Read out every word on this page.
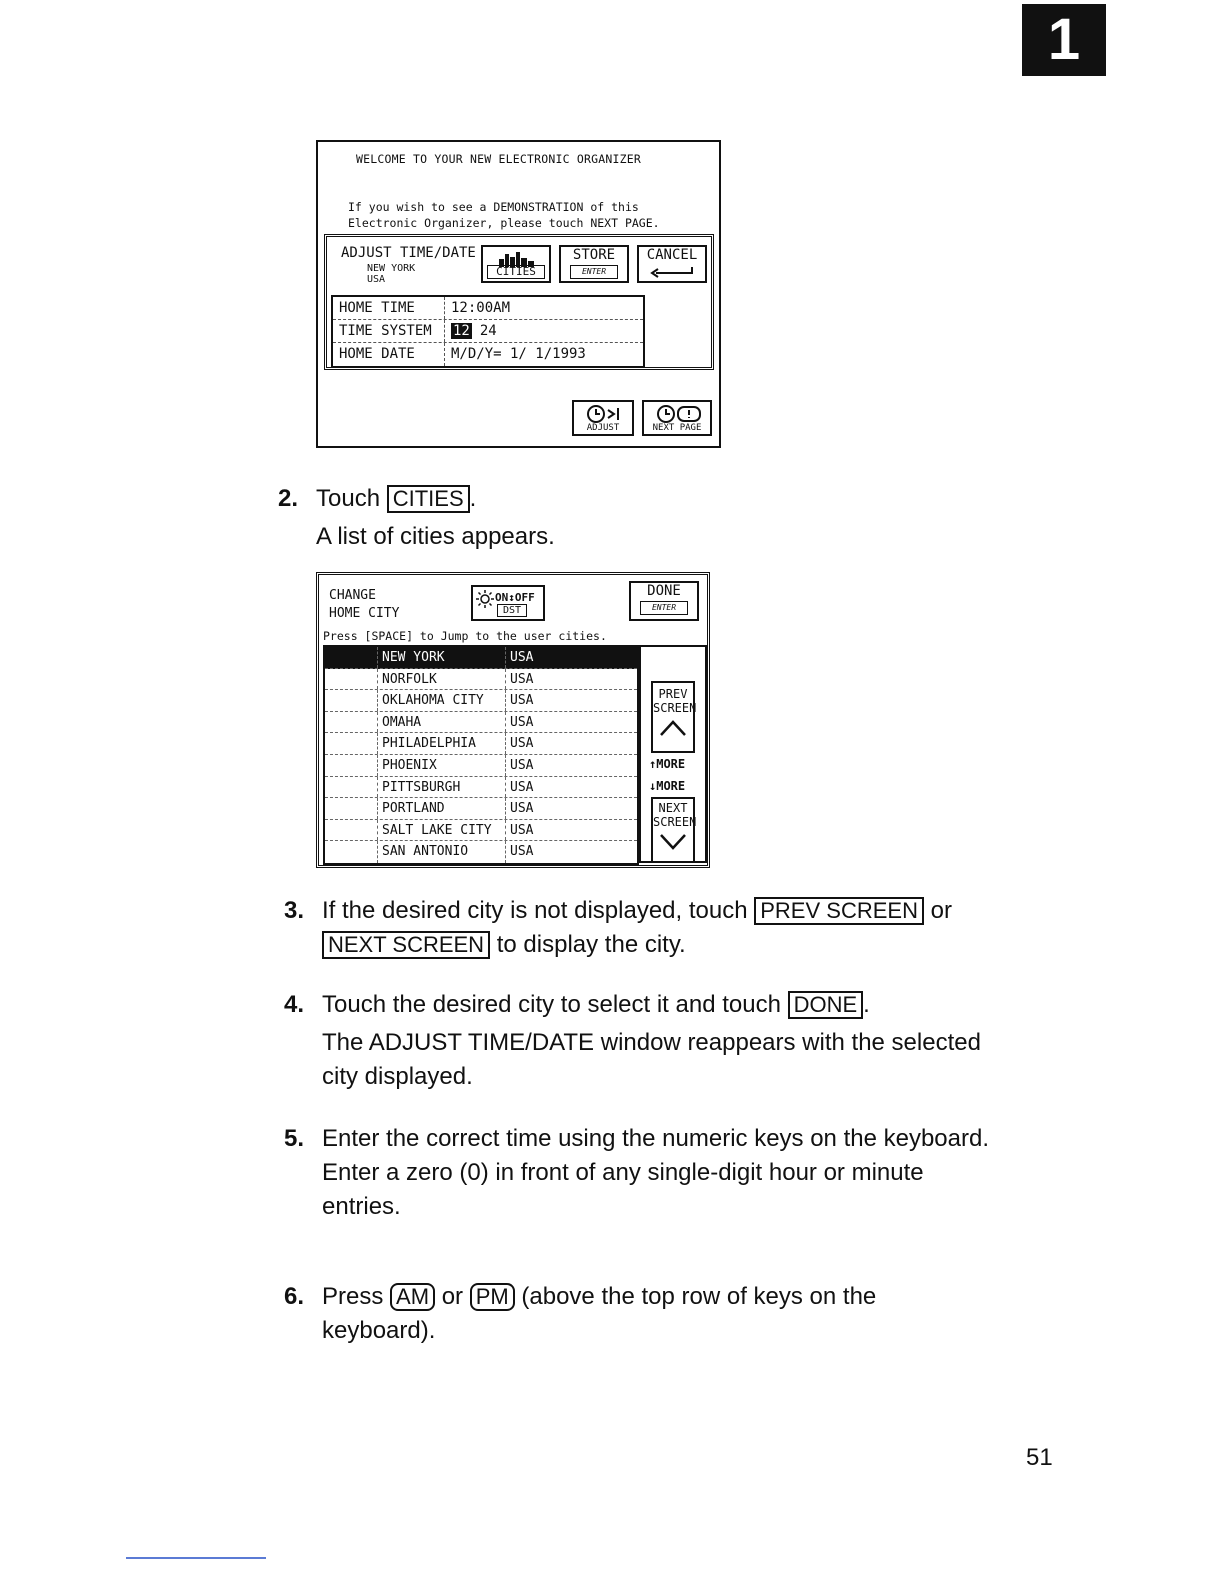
1
WELCOME TO YOUR NEW ELECTRONIC ORGANIZER
If you wish to see a DEMONSTRATION of this
Electronic Organizer, please touch NEXT PAGE.
ADJUST TIME/DATE
NEW YORK
USA
CITIES
STORE
ENTER
CANCEL
HOME TIME	12:00AM
TIME SYSTEM	12 24
HOME DATE	M/D/Y= 1/ 1/1993
ADJUST	NEXT PAGE
2. Touch CITIES .
A list of cities appears.
CHANGE
HOME CITY
ON↕OFF
DST
DONE
ENTER
Press [SPACE] to Jump to the user cities.
NEW YORK	USA
NORFOLK	USA
OKLAHOMA CITY	USA
OMAHA	USA
PHILADELPHIA	USA
PHOENIX	USA
PITTSBURGH	USA
PORTLAND	USA
SALT LAKE CITY	USA
SAN ANTONIO	USA
PREV
SCREEN
↑MORE
↓MORE
NEXT
SCREEN
3. If the desired city is not displayed, touch PREV SCREEN or NEXT SCREEN to display the city.
4. Touch the desired city to select it and touch DONE .
The ADJUST TIME/DATE window reappears with the selected city displayed.
5. Enter the correct time using the numeric keys on the keyboard.
Enter a zero (0) in front of any single-digit hour or minute entries.
6. Press AM or PM (above the top row of keys on the keyboard).
51
